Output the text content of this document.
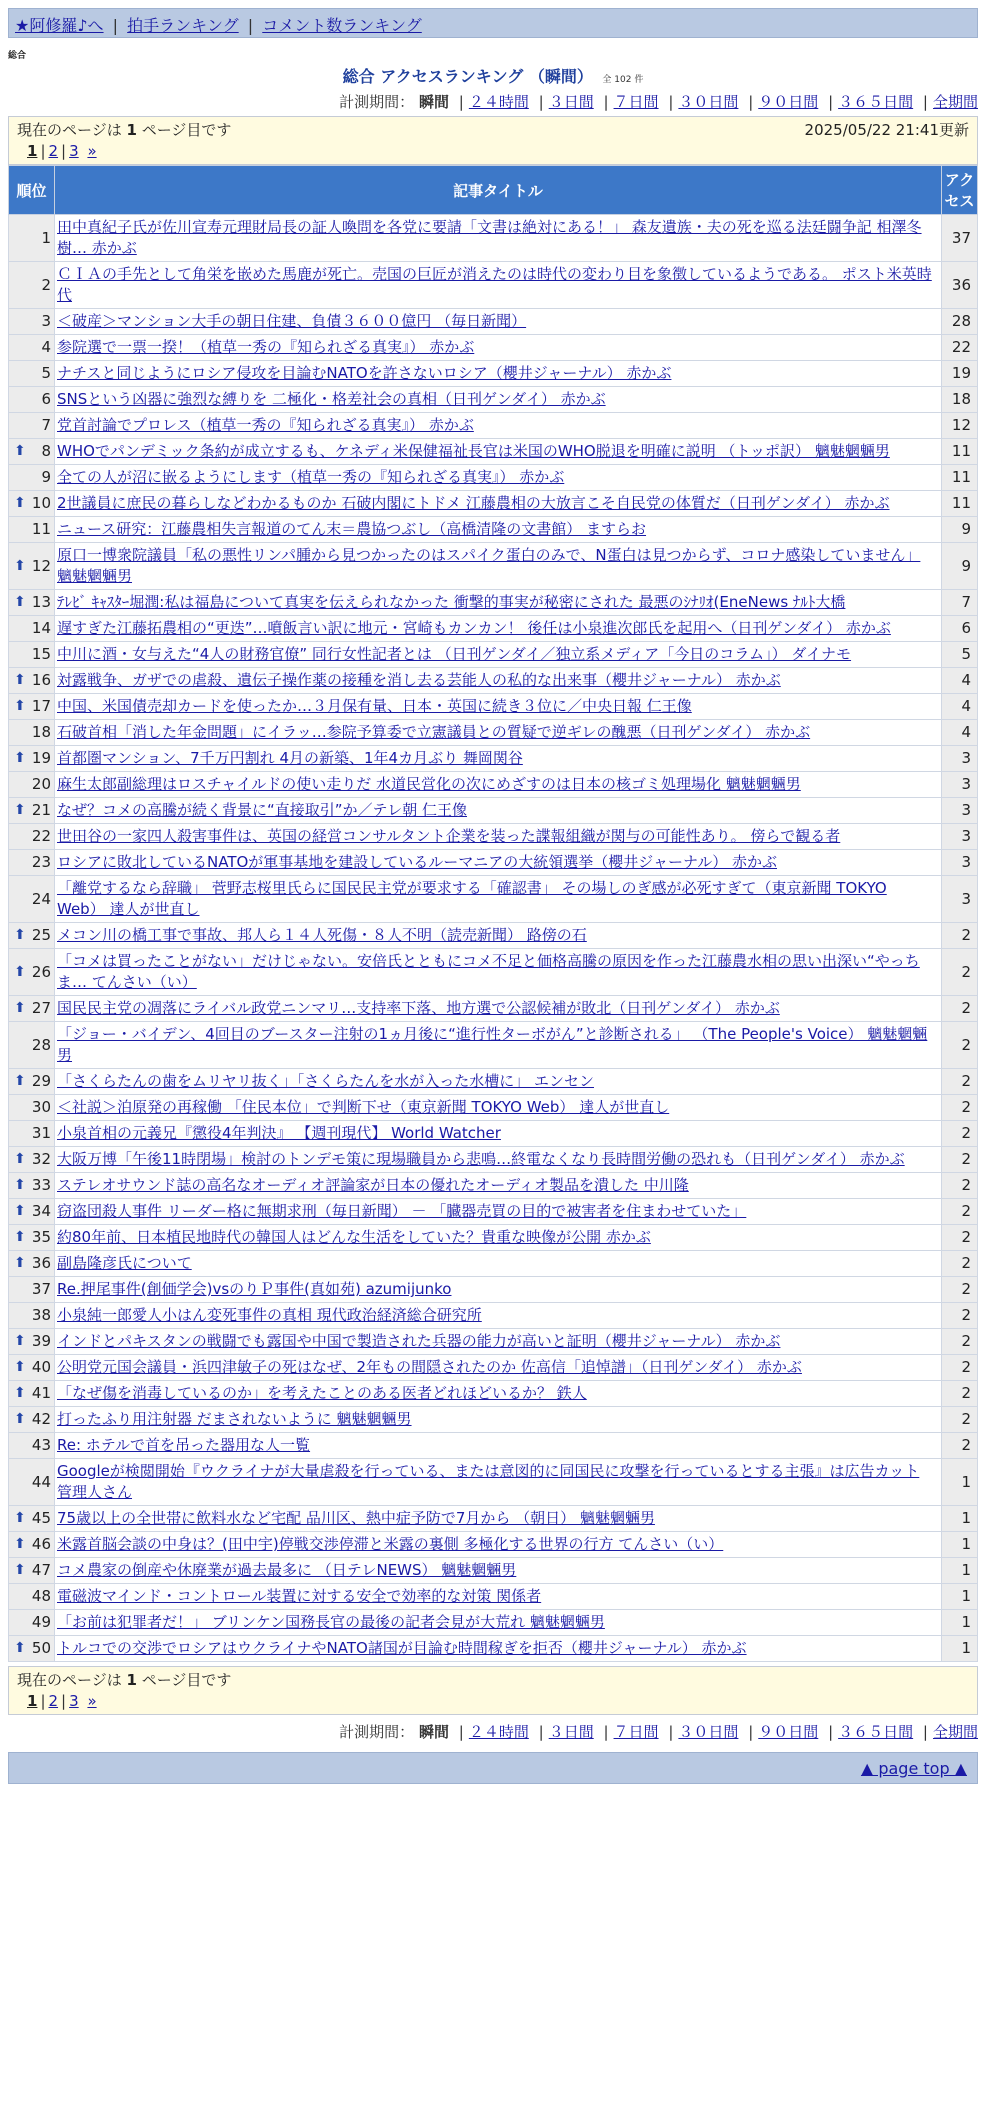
★阿修羅♪へ | 拍手ランキング | コメント数ランキング
総合
総合 アクセスランキング （瞬間） 全 102 件
計測期間： 瞬間 | ２４時間 | ３日間 | ７日間 | ３０日間 | ９０日間 | ３６５日間 | 全期間
現在のページは 1 ページ目です	2025/05/22 21:41更新
1 | 2 | 3 »
順位	記事タイトル	アクセス
1	田中真紀子氏が佐川宣寿元理財局長の証人喚問を各党に要請「文書は絶対にある！」 森友遺族・夫の死を巡る法廷闘争記 相澤冬樹… 赤かぶ	37
2	ＣＩＡの手先として角栄を嵌めた馬鹿が死亡。売国の巨匠が消えたのは時代の変わり目を象徴しているようである。 ポスト米英時代	36
3	＜破産＞マンション大手の朝日住建、負債３６００億円 （毎日新聞）	28
4	参院選で一票一揆！（植草一秀の『知られざる真実』） 赤かぶ	22
5	ナチスと同じようにロシア侵攻を目論むNATOを許さないロシア（櫻井ジャーナル） 赤かぶ	19
6	SNSという凶器に強烈な縛りを 二極化・格差社会の真相（日刊ゲンダイ） 赤かぶ	18
7	党首討論でプロレス（植草一秀の『知られざる真実』） 赤かぶ	12

⬆ 8	WHOでパンデミック条約が成立するも、ケネディ米保健福祉長官は米国のWHO脱退を明確に説明 （トッポ訳） 魑魅魍魎男	11
9	全ての人が沼に嵌るようにします（植草一秀の『知られざる真実』） 赤かぶ	11

⬆ 10	2世議員に庶民の暮らしなどわかるものか 石破内閣にトドメ 江藤農相の大放言こそ自民党の体質だ（日刊ゲンダイ） 赤かぶ	11
11	ニュース研究：江藤農相失言報道のてん末＝農協つぶし（高橋清隆の文書館） ますらお	9

⬆ 12	原口一博衆院議員「私の悪性リンパ腫から見つかったのはスパイク蛋白のみで、N蛋白は見つからず、コロナ感染していません」 魑魅魍魎男	9

⬆ 13	ﾃﾚﾋﾞ ｷｬｽﾀｰ堀潤:私は福島について真実を伝えられなかった 衝撃的事実が秘密にされた 最悪のｼﾅﾘｵ(EneNews ﾅﾙﾄ大橋	7
14	遅すぎた江藤拓農相の“更迭”…噴飯言い訳に地元・宮崎もカンカン！ 後任は小泉進次郎氏を起用へ（日刊ゲンダイ） 赤かぶ	6
15	中川に酒・女与えた“4人の財務官僚” 同行女性記者とは （日刊ゲンダイ／独立系メディア「今日のコラム」） ダイナモ	5

⬆ 16	対露戦争、ガザでの虐殺、遺伝子操作薬の接種を消し去る芸能人の私的な出来事（櫻井ジャーナル） 赤かぶ	4

⬆ 17	中国、米国債売却カードを使ったか…３月保有量、日本・英国に続き３位に／中央日報 仁王像	4
18	石破首相「消した年金問題」にイラッ…参院予算委で立憲議員との質疑で逆ギレの醜悪（日刊ゲンダイ） 赤かぶ	4

⬆ 19	首都圏マンション、7千万円割れ 4月の新築、1年4カ月ぶり 舞岡関谷	3
20	麻生太郎副総理はロスチャイルドの使い走りだ 水道民営化の次にめざすのは日本の核ゴミ処理場化 魑魅魍魎男	3

⬆ 21	なぜ？コメの高騰が続く背景に“直接取引”か／テレ朝 仁王像	3
22	世田谷の一家四人殺害事件は、英国の経営コンサルタント企業を装った諜報組織が関与の可能性あり。 傍らで観る者	3
23	ロシアに敗北しているNATOが軍事基地を建設しているルーマニアの大統領選挙（櫻井ジャーナル） 赤かぶ	3
24	「離党するなら辞職」 菅野志桜里氏らに国民民主党が要求する「確認書」 その場しのぎ感が必死すぎて（東京新聞 TOKYO Web） 達人が世直し	3

⬆ 25	メコン川の橋工事で事故、邦人ら１４人死傷・８人不明（読売新聞） 路傍の石	2

⬆ 26	「コメは買ったことがない」だけじゃない。安倍氏とともにコメ不足と価格高騰の原因を作った江藤農水相の思い出深い“やっちま… てんさい（い）	2

⬆ 27	国民民主党の凋落にライバル政党ニンマリ…支持率下落、地方選で公認候補が敗北（日刊ゲンダイ） 赤かぶ	2
28	「ジョー・バイデン、4回目のブースター注射の1ヵ月後に“進行性ターボがん”と診断される」 （The People's Voice） 魑魅魍魎男	2

⬆ 29	「さくらたんの歯をムリヤリ抜く」「さくらたんを水が入った水槽に」 エンセン	2
30	＜社説＞泊原発の再稼働 「住民本位」で判断下せ（東京新聞 TOKYO Web） 達人が世直し	2
31	小泉首相の元義兄『懲役4年判決』 【週刊現代】 World Watcher	2

⬆ 32	大阪万博「午後11時閉場」検討のトンデモ策に現場職員から悲鳴…終電なくなり長時間労働の恐れも（日刊ゲンダイ） 赤かぶ	2

⬆ 33	ステレオサウンド誌の高名なオーディオ評論家が日本の優れたオーディオ製品を潰した 中川隆	2

⬆ 34	窃盗団殺人事件 リーダー格に無期求刑（毎日新聞） － 「臓器売買の目的で被害者を住まわせていた」	2

⬆ 35	約80年前、日本植民地時代の韓国人はどんな生活をしていた？貴重な映像が公開 赤かぶ	2

⬆ 36	副島隆彦氏について	2
37	Re.押尾事件(創価学会)vsのりＰ事件(真如苑) azumijunko	2
38	小泉純一郎愛人小はん変死事件の真相 現代政治経済総合研究所	2

⬆ 39	インドとパキスタンの戦闘でも露国や中国で製造された兵器の能力が高いと証明（櫻井ジャーナル） 赤かぶ	2

⬆ 40	公明党元国会議員・浜四津敏子の死はなぜ、2年もの間隠されたのか 佐高信「追悼譜」（日刊ゲンダイ） 赤かぶ	2

⬆ 41	「なぜ傷を消毒しているのか」を考えたことのある医者どれほどいるか？ 鉄人	2

⬆ 42	打ったふり用注射器 だまされないように 魑魅魍魎男	2
43	Re: ホテルで首を吊った器用な人一覧	2
44	Googleが検閲開始『ウクライナが大量虐殺を行っている、または意図的に同国民に攻撃を行っているとする主張』は広告カット 管理人さん	1

⬆ 45	75歳以上の全世帯に飲料水など宅配 品川区、熱中症予防で7月から （朝日） 魑魅魍魎男	1

⬆ 46	米露首脳会談の中身は？(田中宇)停戦交渉停滞と米露の裏側 多極化する世界の行方 てんさい（い）	1

⬆ 47	コメ農家の倒産や休廃業が過去最多に （日テレNEWS） 魑魅魍魎男	1
48	電磁波マインド・コントロール装置に対する安全で効率的な対策 関係者	1
49	「お前は犯罪者だ！」 ブリンケン国務長官の最後の記者会見が大荒れ 魑魅魍魎男	1

⬆ 50	トルコでの交渉でロシアはウクライナやNATO諸国が目論む時間稼ぎを拒否（櫻井ジャーナル） 赤かぶ	1
現在のページは 1 ページ目です
1 | 2 | 3 »
計測期間： 瞬間 | ２４時間 | ３日間 | ７日間 | ３０日間 | ９０日間 | ３６５日間 | 全期間
▲ page top ▲
